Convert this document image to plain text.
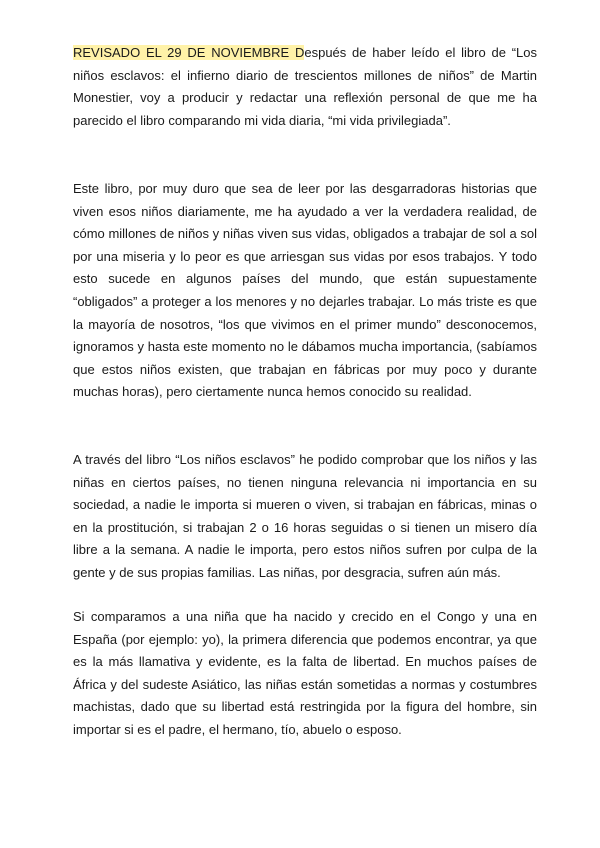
REVISADO EL 29 DE NOVIEMBRE Después de haber leído el libro de “Los niños esclavos: el infierno diario de trescientos millones de niños” de Martin Monestier, voy a producir y redactar una reflexión personal de que me ha parecido el libro comparando mi vida diaria, “mi vida privilegiada”.

Este libro, por muy duro que sea de leer por las desgarradoras historias que viven esos niños diariamente, me ha ayudado a ver la verdadera realidad, de cómo millones de niños y niñas viven sus vidas, obligados a trabajar de sol a sol por una miseria y lo peor es que arriesgan sus vidas por esos trabajos. Y todo esto sucede en algunos países del mundo, que están supuestamente “obligados” a proteger a los menores y no dejarles trabajar. Lo más triste es que la mayoría de nosotros, “los que vivimos en el primer mundo” desconocemos, ignoramos y hasta este momento no le dábamos mucha importancia, (sabíamos que estos niños existen, que trabajan en fábricas por muy poco y durante muchas horas), pero ciertamente nunca hemos conocido su realidad.

A través del libro “Los niños esclavos” he podido comprobar que los niños y las niñas en ciertos países, no tienen ninguna relevancia ni importancia en su sociedad, a nadie le importa si mueren o viven, si trabajan en fábricas, minas o en la prostitución, si trabajan 2 o 16 horas seguidas o si tienen un misero día libre a la semana. A nadie le importa, pero estos niños sufren por culpa de la gente y de sus propias familias. Las niñas, por desgracia, sufren aún más.

Si comparamos a una niña que ha nacido y crecido en el Congo y una en España (por ejemplo: yo), la primera diferencia que podemos encontrar, ya que es la más llamativa y evidente, es la falta de libertad. En muchos países de África y del sudeste Asiático, las niñas están sometidas a normas y costumbres machistas, dado que su libertad está restringida por la figura del hombre, sin importar si es el padre, el hermano, tío, abuelo o esposo.
